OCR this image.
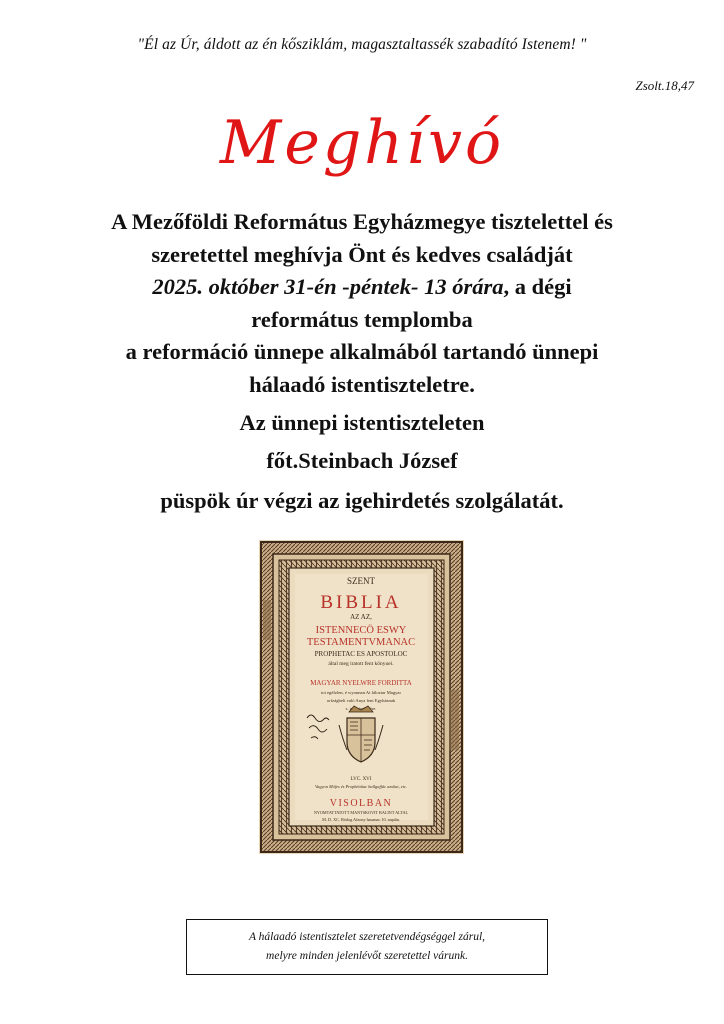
"Él az Úr, áldott az én kősziklám, magasztaltassék szabadító Istenem! "
Zsolt.18,47
Meghívó
A Mezőföldi Református Egyházmegye tisztelettel és
szeretettel meghívja Önt és kedves családját
2025. október 31-én -péntek- 13 órára, a dégi
református templomba
a reformáció ünnepe alkalmából tartandó ünnepi
hálaadó istentiszteletre.
Az ünnepi istentiszteleten
főt.Steinbach József
püspök úr végzi az igehirdetés szolgálatát.
SZENT
BIBLIA
AZ AZ,
ISTENNECÖ ESWY
TESTAMENTVMANAC
PROPHETAC ES APOSTOLOC
által meg iratott fent könyuei.
MAGYAR NYELWRE FORDITTA
tot egéfzlen, é wyonnan At fáloztar Magyar
orfzágbeli való Anya fent Egyháznak
s. inac épületére.
LVC. XVI
Vagyon Mófes és Prophétáiac hallgaffác azokat, etc.
VISOLBAN
NYOMTATTATOTT MANTSKOVIT BALINT ALTAL
M. D. XC. Bódog Afzony hauanac 10. napiân.
A hálaadó istentisztelet szeretetvendégséggel zárul,
melyre minden jelenlévőt szeretettel várunk.
